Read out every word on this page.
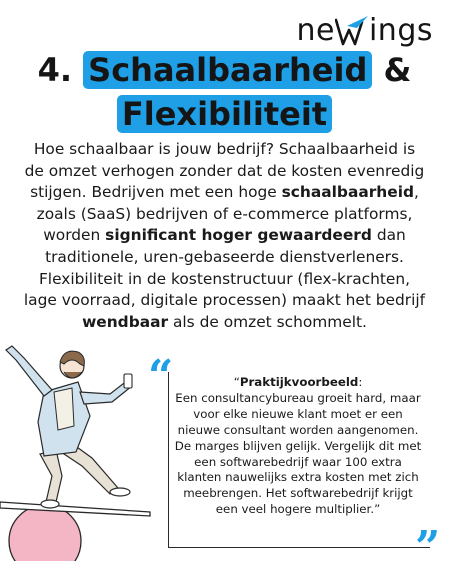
ne ings
4. Schaalbaarheid &
Flexibiliteit
Hoe schaalbaar is jouw bedrijf? Schaalbaarheid is de omzet verhogen zonder dat de kosten evenredig stijgen. Bedrijven met een hoge schaalbaarheid, zoals (SaaS) bedrijven of e-commerce platforms, worden significant hoger gewaardeerd dan traditionele, uren-gebaseerde dienstverleners. Flexibiliteit in de kostenstructuur (flex-krachten, lage voorraad, digitale processen) maakt het bedrijf wendbaar als de omzet schommelt.
“	“Praktijkvoorbeeld:
Een consultancybureau groeit hard, maar voor elke nieuwe klant moet er een nieuwe consultant worden aangenomen. De marges blijven gelijk. Vergelijk dit met een softwarebedrijf waar 100 extra klanten nauwelijks extra kosten met zich meebrengen. Het softwarebedrijf krijgt een veel hogere multiplier.”
”
